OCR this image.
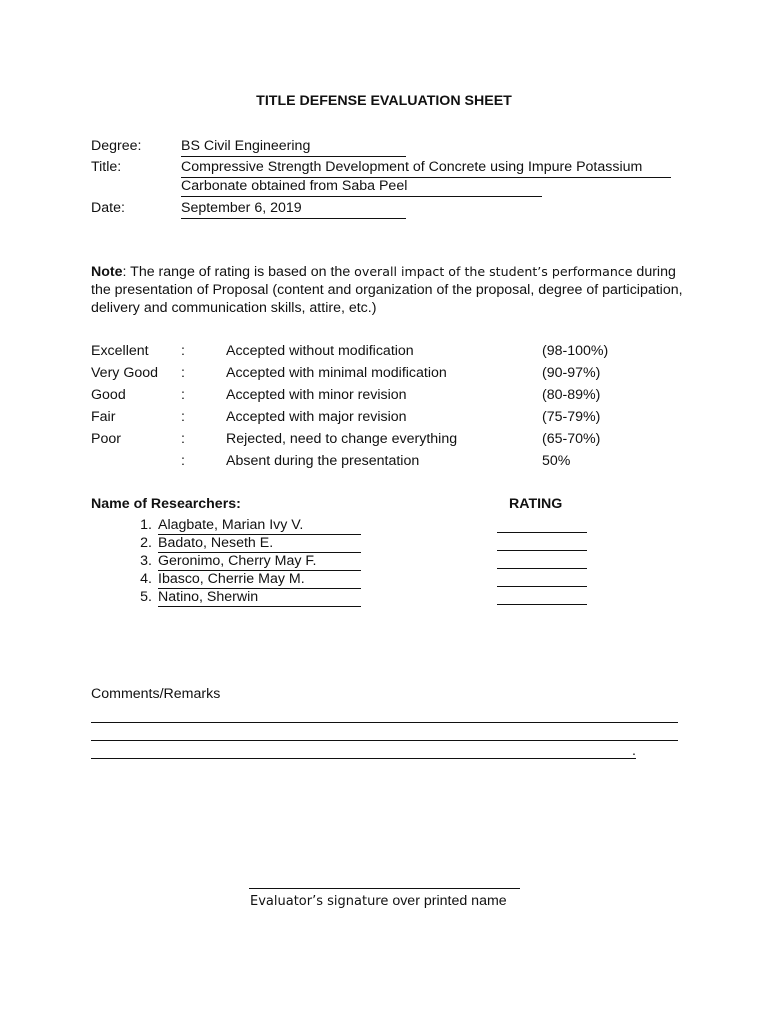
TITLE DEFENSE EVALUATION SHEET
Degree:	BS Civil Engineering
Title:	Compressive Strength Development of Concrete using Impure Potassium
Carbonate obtained from Saba Peel
Date:	September 6, 2019
Note: The range of rating is based on the overall impact of the student’s performance during the presentation of Proposal (content and organization of the proposal, degree of participation, delivery and communication skills, attire, etc.)
Excellent :	Accepted without modification	(98-100%)
Very Good :	Accepted with minimal modification	(90-97%)
Good	:	Accepted with minor revision	(80-89%)
Fair	:	Accepted with major revision	(75-79%)
Poor	:	Rejected, need to change everything	(65-70%)
:	Absent during the presentation	50%
Name of Researchers:	RATING
1. Alagbate, Marian Ivy V.
2. Badato, Neseth E.
3. Geronimo, Cherry May F.
4. Ibasco, Cherrie May M.
5. Natino, Sherwin
Comments/Remarks
.
Evaluator’s signature over printed name
